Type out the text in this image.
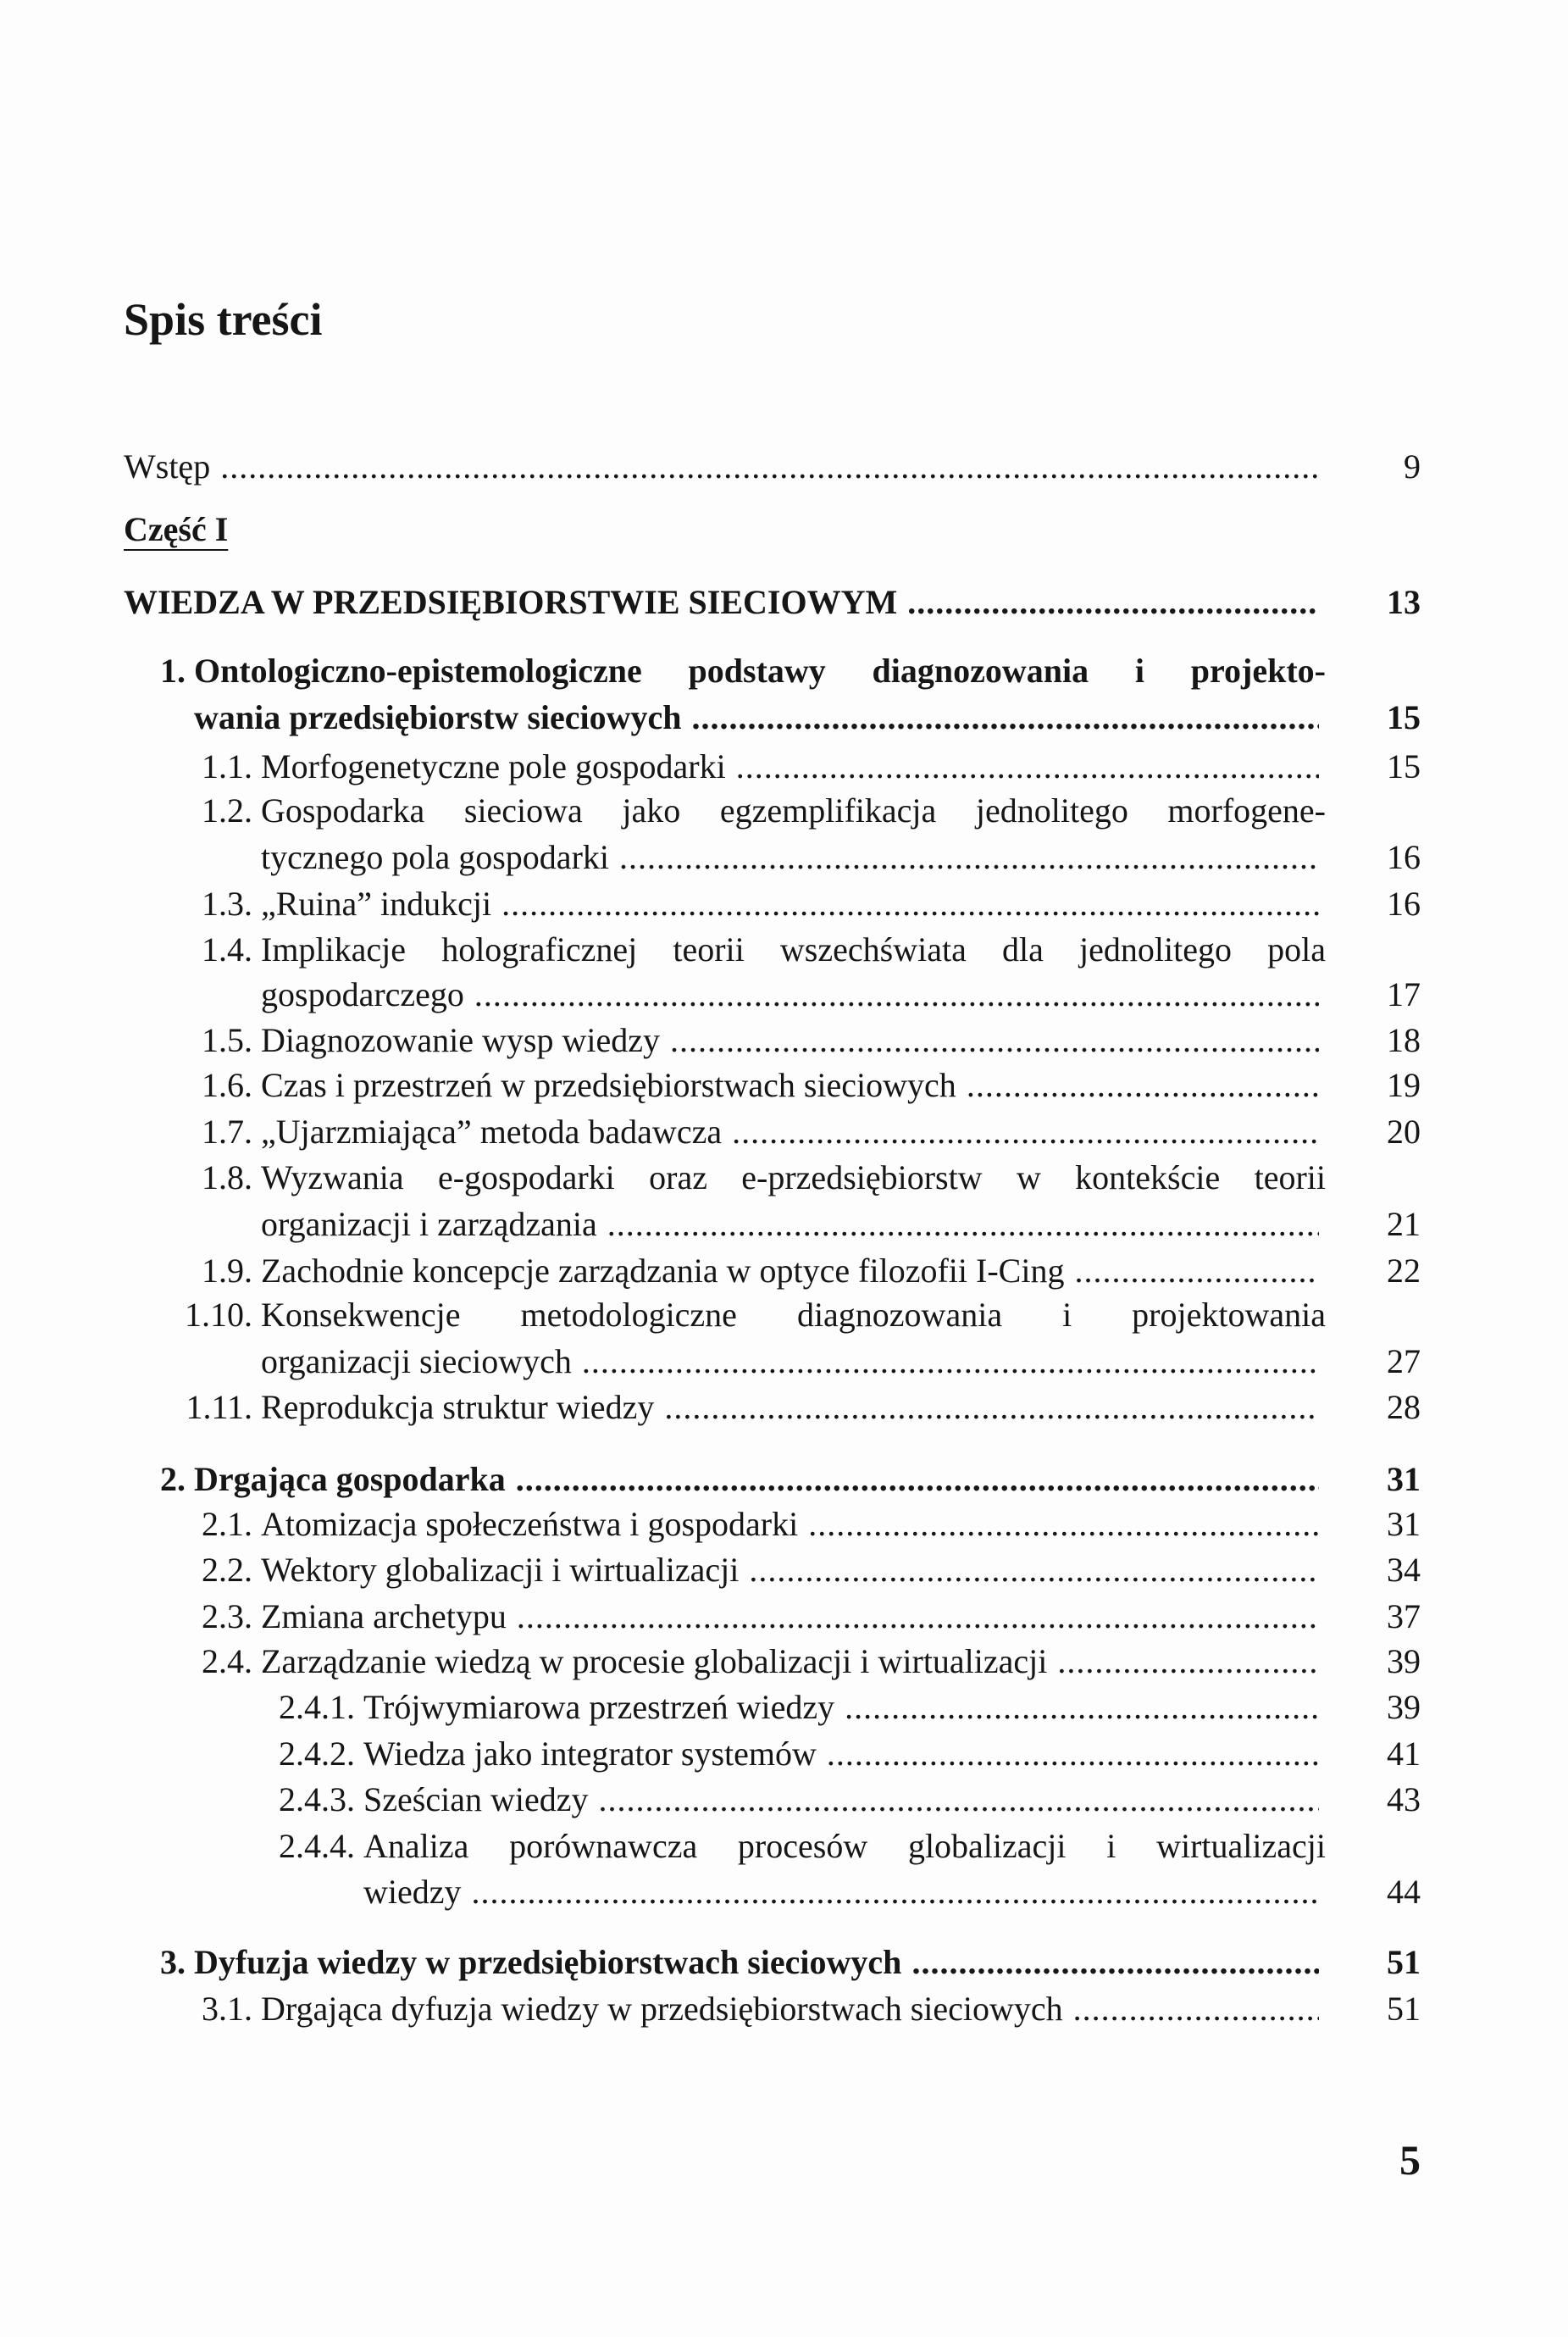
Spis treści
Wstęp .....	9
Część I
WIEDZA W PRZEDSIĘBIORSTWIE SIECIOWYM .....	13
1. Ontologiczno-epistemologiczne podstawy diagnozowania i projekto-
wania przedsiębiorstw sieciowych .....	15
1.1. Morfogenetyczne pole gospodarki .....	15
1.2. Gospodarka sieciowa jako egzemplifikacja jednolitego morfogene-
tycznego pola gospodarki .....	16
1.3. „Ruina” indukcji .....	16
1.4. Implikacje holograficznej teorii wszechświata dla jednolitego pola
gospodarczego .....	17
1.5. Diagnozowanie wysp wiedzy .....	18
1.6. Czas i przestrzeń w przedsiębiorstwach sieciowych .....	19
1.7. „Ujarzmiająca” metoda badawcza .....	20
1.8. Wyzwania e-gospodarki oraz e-przedsiębiorstw w kontekście teorii
organizacji i zarządzania .....	21
1.9. Zachodnie koncepcje zarządzania w optyce filozofii I-Cing .....	22
1.10. Konsekwencje metodologiczne diagnozowania i projektowania
organizacji sieciowych .....	27
1.11. Reprodukcja struktur wiedzy .....	28
2. Drgająca gospodarka .....	31
2.1. Atomizacja społeczeństwa i gospodarki .....	31
2.2. Wektory globalizacji i wirtualizacji .....	34
2.3. Zmiana archetypu .....	37
2.4. Zarządzanie wiedzą w procesie globalizacji i wirtualizacji .....	39
2.4.1. Trójwymiarowa przestrzeń wiedzy .....	39
2.4.2. Wiedza jako integrator systemów .....	41
2.4.3. Sześcian wiedzy .....	43
2.4.4. Analiza porównawcza procesów globalizacji i wirtualizacji
wiedzy .....	44
3. Dyfuzja wiedzy w przedsiębiorstwach sieciowych .....	51
3.1. Drgająca dyfuzja wiedzy w przedsiębiorstwach sieciowych .....	51
5
